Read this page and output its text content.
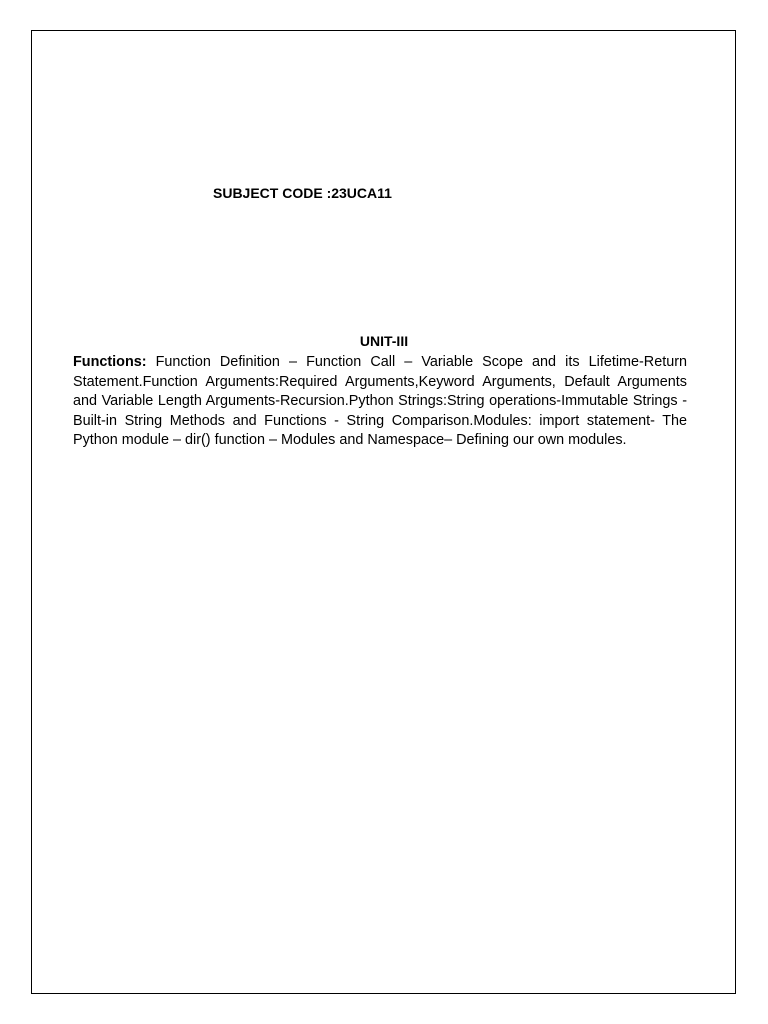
SUBJECT CODE :23UCA11
UNIT-III

Functions: Function Definition – Function Call – Variable Scope and its Lifetime-Return Statement.Function Arguments:Required Arguments,Keyword Arguments, Default Arguments and Variable Length Arguments-Recursion.Python Strings:String operations-Immutable Strings - Built-in String Methods and Functions - String Comparison.Modules: import statement- The Python module – dir() function – Modules and Namespace– Defining our own modules.
